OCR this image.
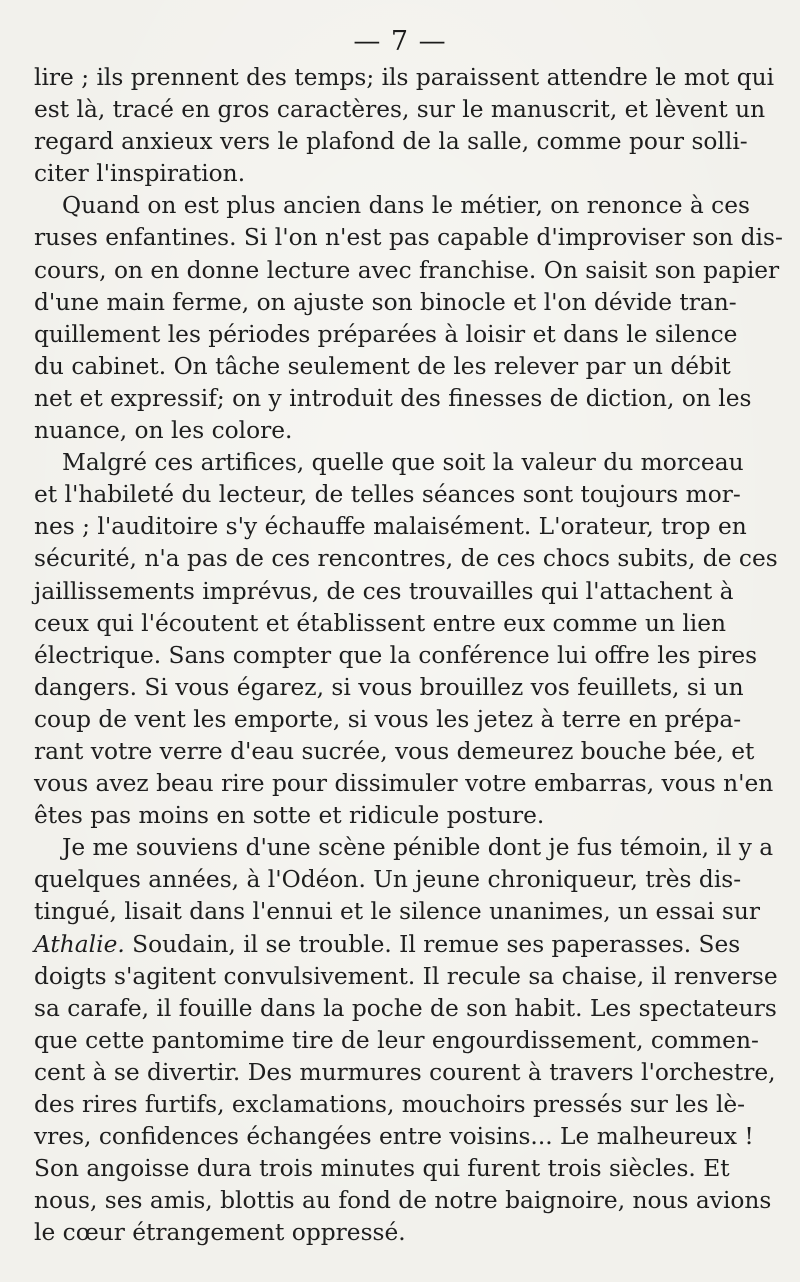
— 7 —
lire ; ils prennent des temps; ils paraissent attendre le mot qui
est là, tracé en gros caractères, sur le manuscrit, et lèvent un
regard anxieux vers le plafond de la salle, comme pour solli-
citer l'inspiration.
Quand on est plus ancien dans le métier, on renonce à ces
ruses enfantines. Si l'on n'est pas capable d'improviser son dis-
cours, on en donne lecture avec franchise. On saisit son papier
d'une main ferme, on ajuste son binocle et l'on dévide tran-
quillement les périodes préparées à loisir et dans le silence
du cabinet. On tâche seulement de les relever par un débit
net et expressif; on y introduit des finesses de diction, on les
nuance, on les colore.
Malgré ces artifices, quelle que soit la valeur du morceau
et l'habileté du lecteur, de telles séances sont toujours mor-
nes ; l'auditoire s'y échauffe malaisément. L'orateur, trop en
sécurité, n'a pas de ces rencontres, de ces chocs subits, de ces
jaillissements imprévus, de ces trouvailles qui l'attachent à
ceux qui l'écoutent et établissent entre eux comme un lien
électrique. Sans compter que la conférence lui offre les pires
dangers. Si vous égarez, si vous brouillez vos feuillets, si un
coup de vent les emporte, si vous les jetez à terre en prépa-
rant votre verre d'eau sucrée, vous demeurez bouche bée, et
vous avez beau rire pour dissimuler votre embarras, vous n'en
êtes pas moins en sotte et ridicule posture.
Je me souviens d'une scène pénible dont je fus témoin, il y a
quelques années, à l'Odéon. Un jeune chroniqueur, très dis-
tingué, lisait dans l'ennui et le silence unanimes, un essai sur
Athalie. Soudain, il se trouble. Il remue ses paperasses. Ses
doigts s'agitent convulsivement. Il recule sa chaise, il renverse
sa carafe, il fouille dans la poche de son habit. Les spectateurs
que cette pantomime tire de leur engourdissement, commen-
cent à se divertir. Des murmures courent à travers l'orchestre,
des rires furtifs, exclamations, mouchoirs pressés sur les lè-
vres, confidences échangées entre voisins... Le malheureux !
Son angoisse dura trois minutes qui furent trois siècles. Et
nous, ses amis, blottis au fond de notre baignoire, nous avions
le cœur étrangement oppressé.
